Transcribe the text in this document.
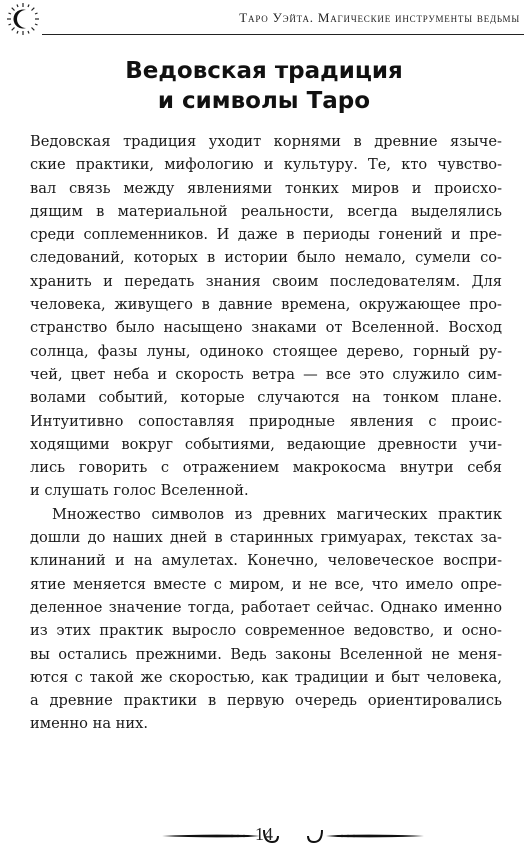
Таро Уэйта. Магические инструменты ведьмы
Ведовская традиция
и символы Таро

Ведовская традиция уходит корнями в древние языче-
ские практики, мифологию и культуру. Те, кто чувство-
вал связь между явлениями тонких миров и происхо-
дящим в материальной реальности, всегда выделялись
среди соплеменников. И даже в периоды гонений и пре-
следований, которых в истории было немало, сумели со-
хранить и передать знания своим последователям. Для
человека, живущего в давние времена, окружающее про-
странство было насыщено знаками от Вселенной. Восход
солнца, фазы луны, одиноко стоящее дерево, горный ру-
чей, цвет неба и скорость ветра — все это служило сим-
волами событий, которые случаются на тонком плане.
Интуитивно сопоставляя природные явления с проис-
ходящими вокруг событиями, ведающие древности учи-
лись говорить с отражением макрокосма внутри себя
и слушать голос Вселенной.

Множество символов из древних магических практик
дошли до наших дней в старинных гримуарах, текстах за-
клинаний и на амулетах. Конечно, человеческое воспри-
ятие меняется вместе с миром, и не все, что имело опре-
деленное значение тогда, работает сейчас. Однако именно
из этих практик выросло современное ведовство, и осно-
вы остались прежними. Ведь законы Вселенной не меня-
ются с такой же скоростью, как традиции и быт человека,
а древние практики в первую очередь ориентировались
именно на них.

14
